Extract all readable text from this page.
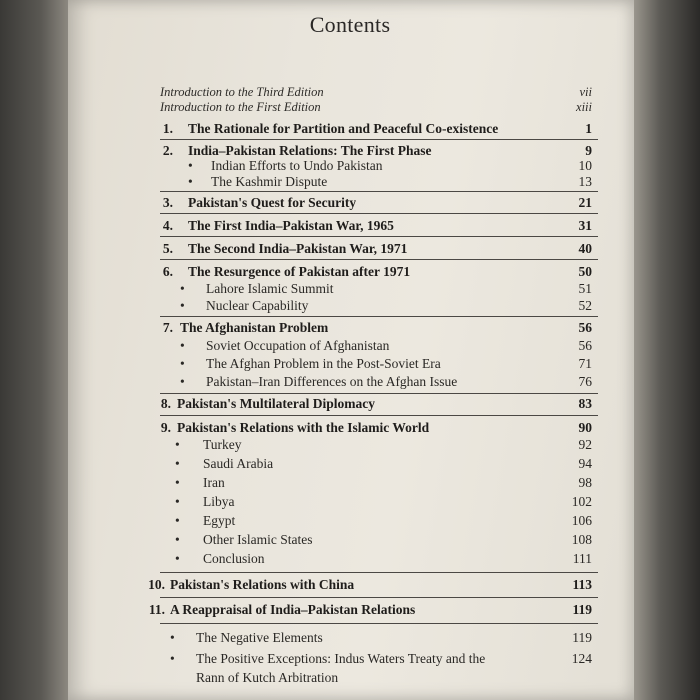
Contents
Introduction to the Third Edition	vii
Introduction to the First Edition	xiii
1. The Rationale for Partition and Peaceful Co-existence	1
2. India–Pakistan Relations: The First Phase	9
• Indian Efforts to Undo Pakistan	10
• The Kashmir Dispute	13
3. Pakistan's Quest for Security	21
4. The First India–Pakistan War, 1965	31
5. The Second India–Pakistan War, 1971	40
6. The Resurgence of Pakistan after 1971	50
• Lahore Islamic Summit	51
• Nuclear Capability	52
7. The Afghanistan Problem	56
• Soviet Occupation of Afghanistan	56
• The Afghan Problem in the Post-Soviet Era	71
• Pakistan–Iran Differences on the Afghan Issue	76
8. Pakistan's Multilateral Diplomacy	83
9. Pakistan's Relations with the Islamic World	90
• Turkey	92
• Saudi Arabia	94
• Iran	98
• Libya	102
• Egypt	106
• Other Islamic States	108
• Conclusion	111
10. Pakistan's Relations with China	113
11. A Reappraisal of India–Pakistan Relations	119
• The Negative Elements	119
• The Positive Exceptions: Indus Waters Treaty and the	124
Rann of Kutch Arbitration
